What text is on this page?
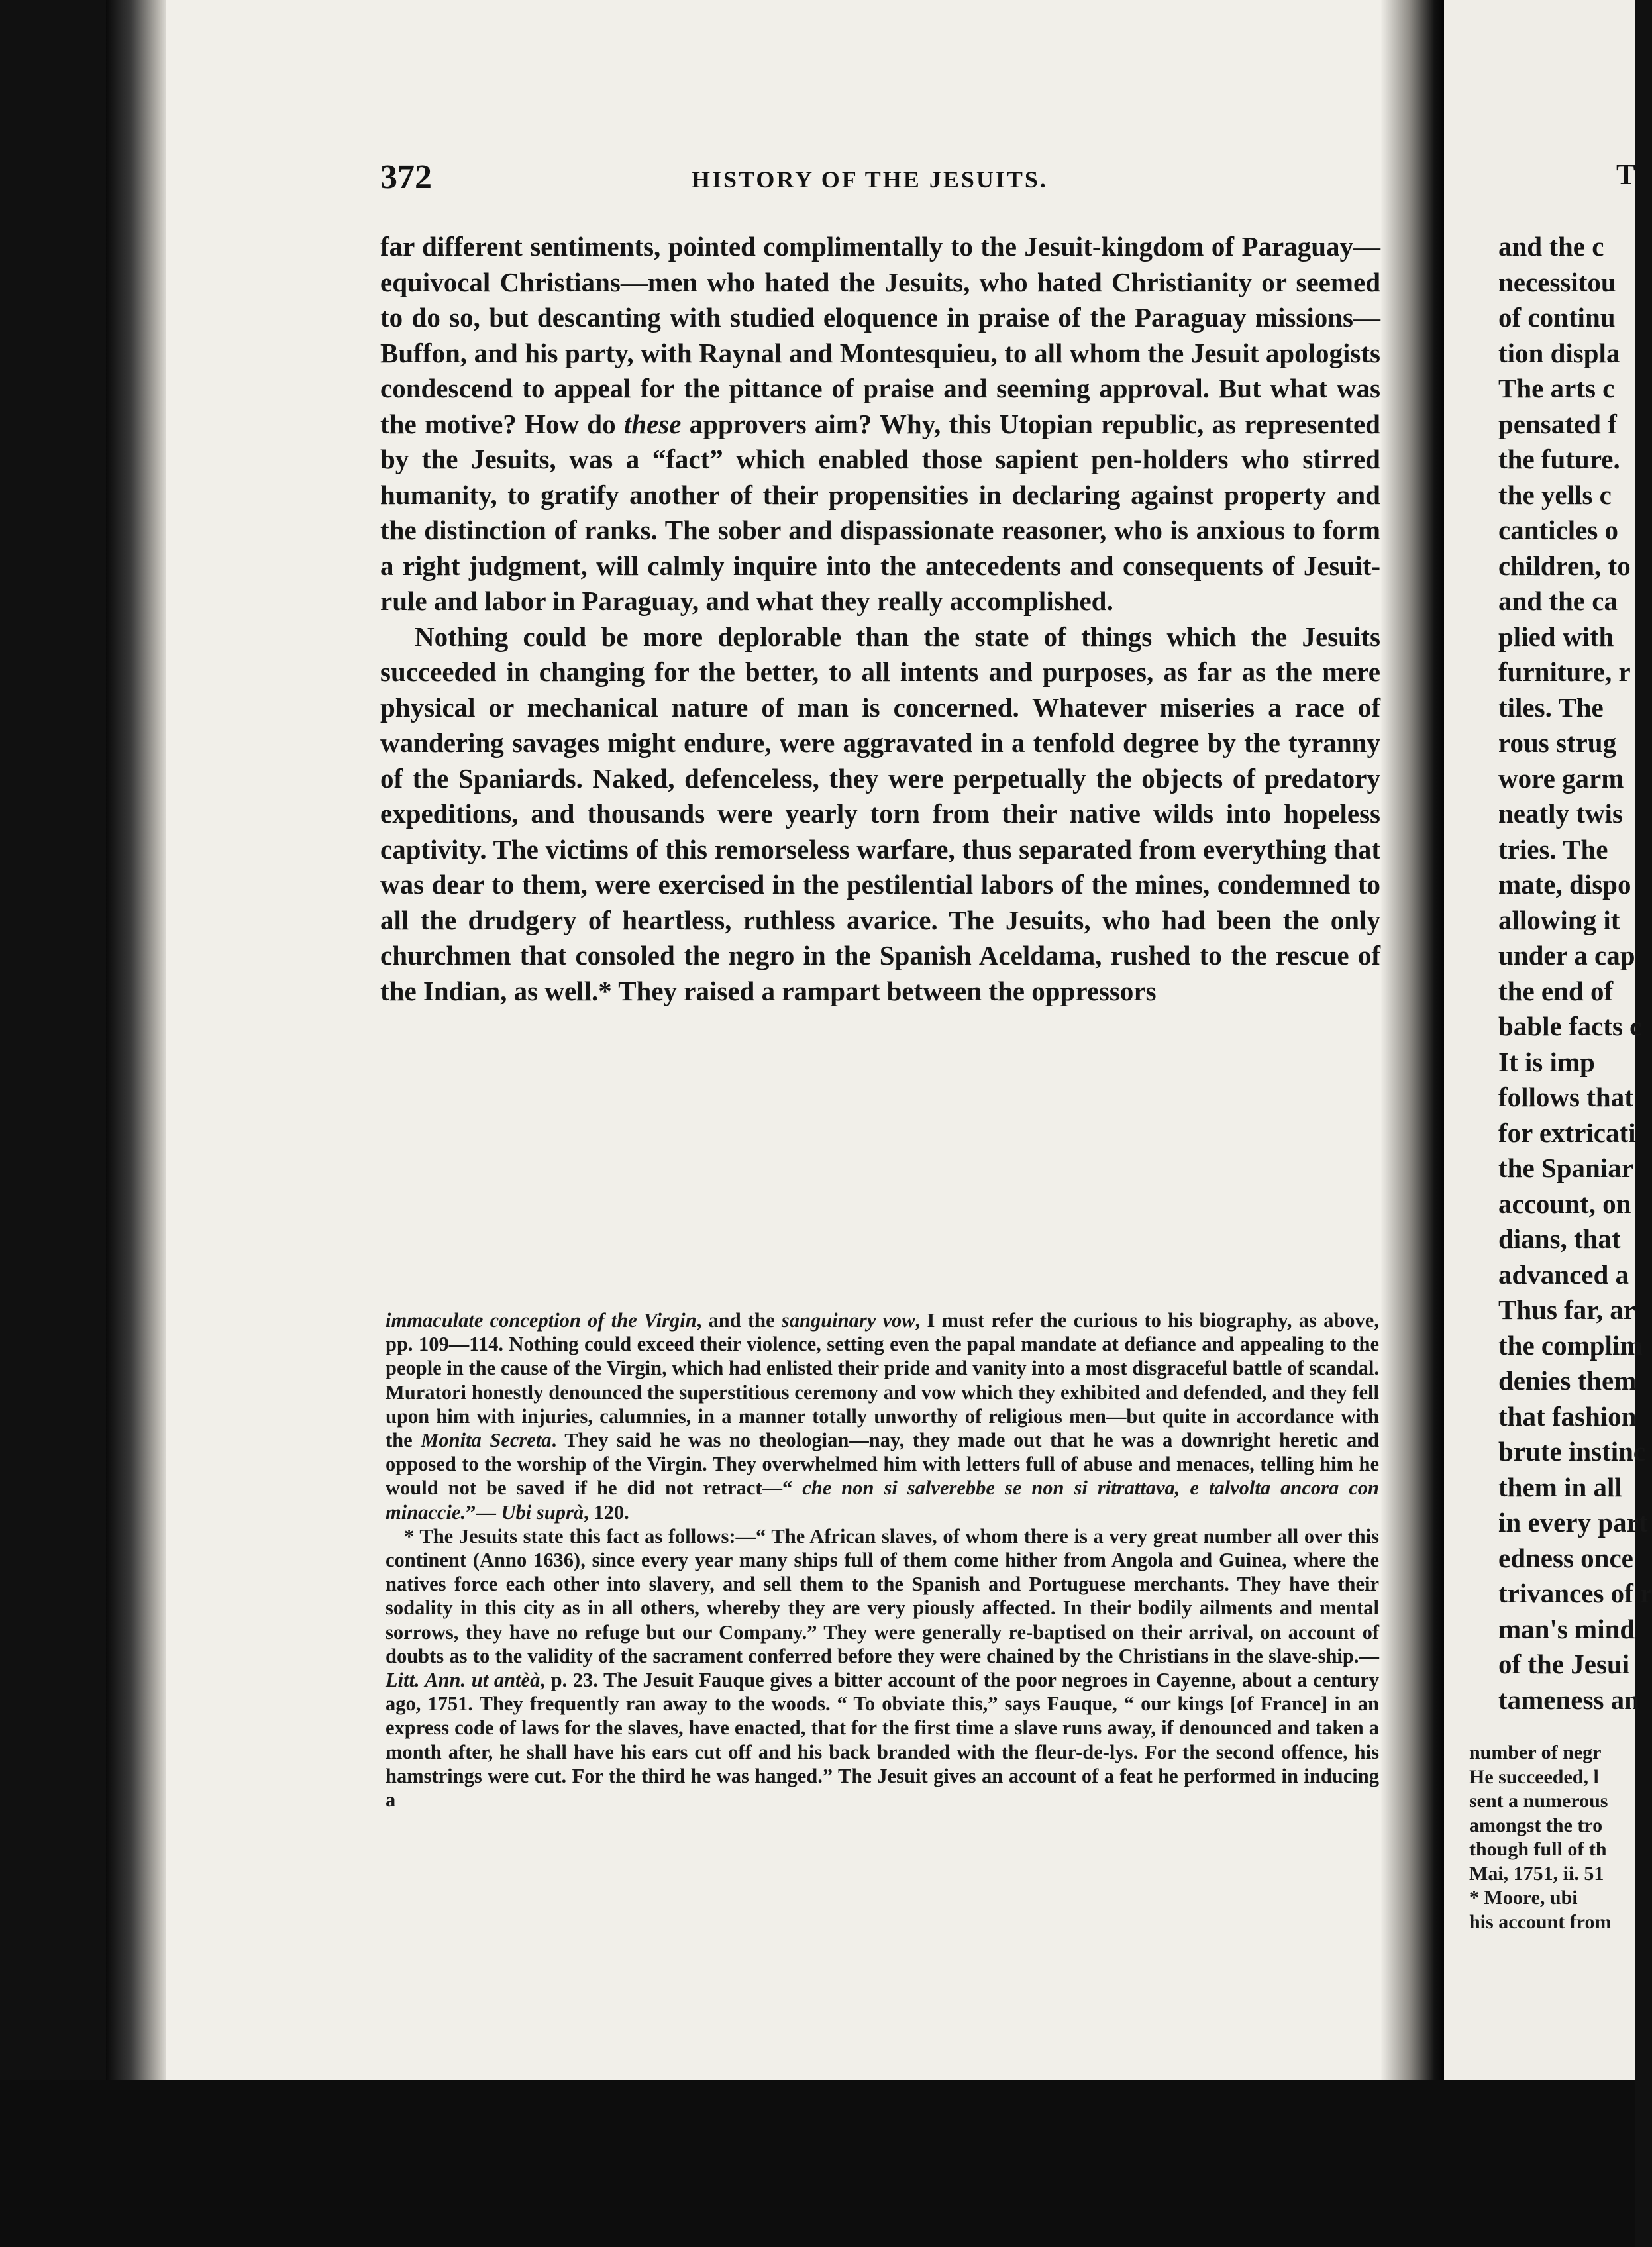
372	HISTORY OF THE JESUITS.	T

far different sentiments, pointed complimentally to the Jesuit-kingdom of Paraguay—equivocal Christians—men who hated the Jesuits, who hated Christianity or seemed to do so, but descanting with studied eloquence in praise of the Paraguay missions—Buffon, and his party, with Raynal and Montesquieu, to all whom the Jesuit apologists condescend to appeal for the pittance of praise and seeming approval. But what was the motive? How do these approvers aim? Why, this Utopian republic, as represented by the Jesuits, was a “fact” which enabled those sapient pen-holders who stirred humanity, to gratify another of their propensities in declaring against property and the distinction of ranks. The sober and dispassionate reasoner, who is anxious to form a right judgment, will calmly inquire into the antecedents and consequents of Jesuit-rule and labor in Paraguay, and what they really accomplished.

Nothing could be more deplorable than the state of things which the Jesuits succeeded in changing for the better, to all intents and purposes, as far as the mere physical or mechanical nature of man is concerned. Whatever miseries a race of wandering savages might endure, were aggravated in a tenfold degree by the tyranny of the Spaniards. Naked, defenceless, they were perpetually the objects of predatory expeditions, and thousands were yearly torn from their native wilds into hopeless captivity. The victims of this remorseless warfare, thus separated from everything that was dear to them, were exercised in the pestilential labors of the mines, condemned to all the drudgery of heartless, ruthless avarice. The Jesuits, who had been the only churchmen that consoled the negro in the Spanish Aceldama, rushed to the rescue of the Indian, as well.* They raised a rampart between the oppressors

immaculate conception of the Virgin, and the sanguinary vow, I must refer the curious to his biography, as above, pp. 109—114. Nothing could exceed their violence, setting even the papal mandate at defiance and appealing to the people in the cause of the Virgin, which had enlisted their pride and vanity into a most disgraceful battle of scandal. Muratori honestly denounced the superstitious ceremony and vow which they exhibited and defended, and they fell upon him with injuries, calumnies, in a manner totally unworthy of religious men—but quite in accordance with the Monita Secreta. They said he was no theologian—nay, they made out that he was a downright heretic and opposed to the worship of the Virgin. They overwhelmed him with letters full of abuse and menaces, telling him he would not be saved if he did not retract—“ che non si salverebbe se non si ritrattava, e talvolta ancora con minaccie.”— Ubi suprà, 120.

* The Jesuits state this fact as follows:—“ The African slaves, of whom there is a very great number all over this continent (Anno 1636), since every year many ships full of them come hither from Angola and Guinea, where the natives force each other into slavery, and sell them to the Spanish and Portuguese merchants. They have their sodality in this city as in all others, whereby they are very piously affected. In their bodily ailments and mental sorrows, they have no refuge but our Company.” They were generally re-baptised on their arrival, on account of doubts as to the validity of the sacrament conferred before they were chained by the Christians in the slave-ship.—Litt. Ann. ut antèà, p. 23. The Jesuit Fauque gives a bitter account of the poor negroes in Cayenne, about a century ago, 1751. They frequently ran away to the woods. “ To obviate this,” says Fauque, “ our kings [of France] in an express code of laws for the slaves, have enacted, that for the first time a slave runs away, if denounced and taken a month after, he shall have his ears cut off and his back branded with the fleur-de-lys. For the second offence, his hamstrings were cut. For the third he was hanged.” The Jesuit gives an account of a feat he performed in inducing a

and the c
necessitou
of continu
tion displa
The arts c
pensated f
the future.
the yells c
canticles o
children, to
and the ca
plied with
furniture, r
tiles. The
rous strug
wore garm
neatly twis
tries. The
mate, dispo
allowing it
under a cap
the end of
bable facts c
It is imp
follows that
for extricati
the Spaniar
account, on
dians, that
advanced a
Thus far, ar
the complim
denies them
that fashion
brute instinc
them in all
in every part
edness once
trivances of r
man's mind
of the Jesui
tameness an
number of negr
He succeeded, l
sent a numerous
amongst the tro
though full of th
Mai, 1751, ii. 51
* Moore, ubi
his account from
